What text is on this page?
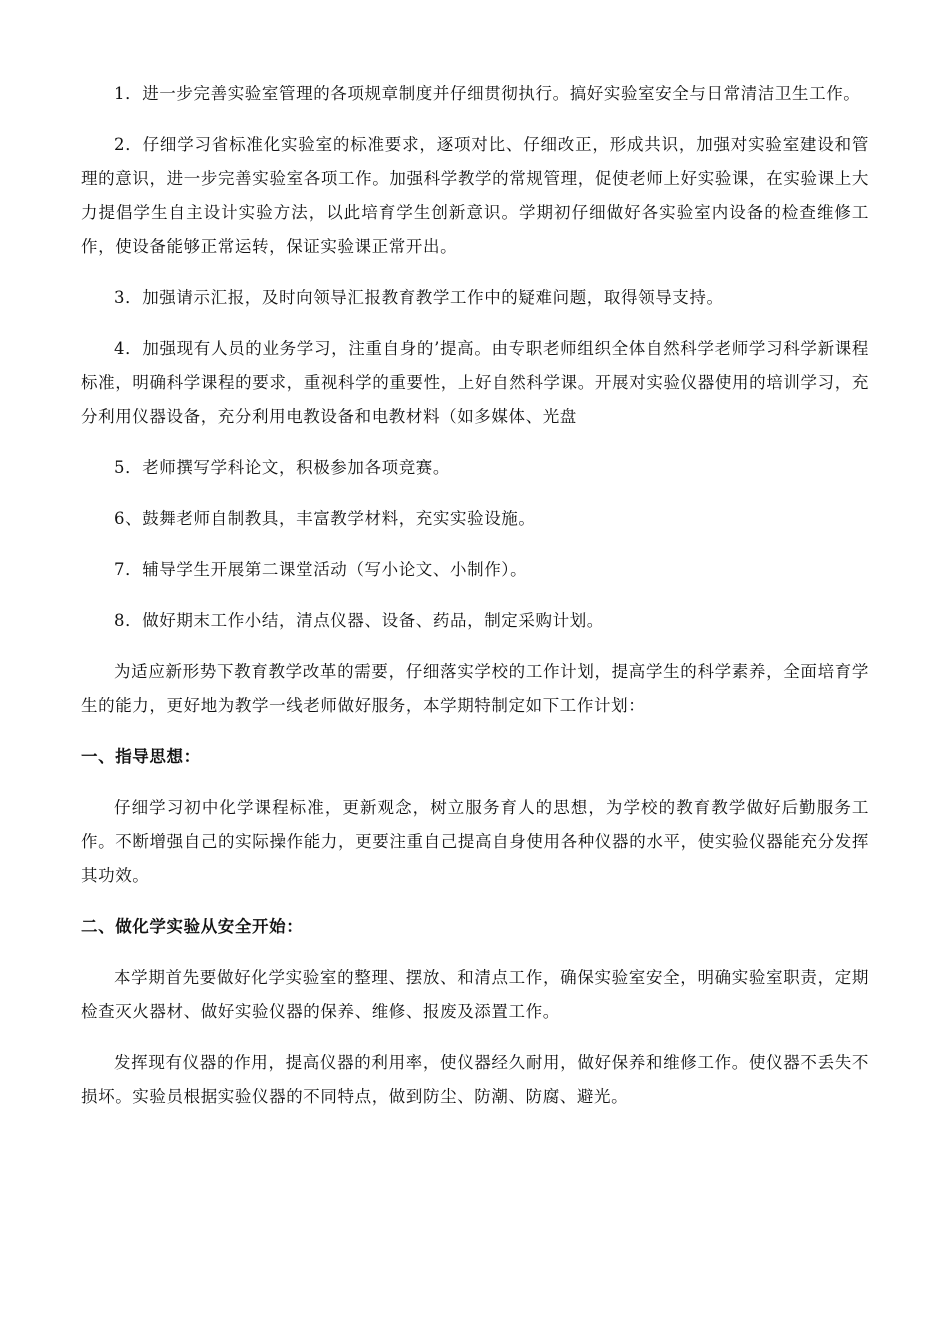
1．进一步完善实验室管理的各项规章制度并仔细贯彻执行。搞好实验室安全与日常清洁卫生工作。

2．仔细学习省标准化实验室的标准要求，逐项对比、仔细改正，形成共识，加强对实验室建设和管理的意识，进一步完善实验室各项工作。加强科学教学的常规管理，促使老师上好实验课，在实验课上大力提倡学生自主设计实验方法，以此培育学生创新意识。学期初仔细做好各实验室内设备的检查维修工作，使设备能够正常运转，保证实验课正常开出。

3．加强请示汇报，及时向领导汇报教育教学工作中的疑难问题，取得领导支持。

4．加强现有人员的业务学习，注重自身的’提高。由专职老师组织全体自然科学老师学习科学新课程标准，明确科学课程的要求，重视科学的重要性，上好自然科学课。开展对实验仪器使用的培训学习，充分利用仪器设备，充分利用电教设备和电教材料（如多媒体、光盘

5．老师撰写学科论文，积极参加各项竞赛。

6、鼓舞老师自制教具，丰富教学材料，充实实验设施。

7．辅导学生开展第二课堂活动（写小论文、小制作）。

8．做好期末工作小结，清点仪器、设备、药品，制定采购计划。

为适应新形势下教育教学改革的需要，仔细落实学校的工作计划，提高学生的科学素养，全面培育学生的能力，更好地为教学一线老师做好服务，本学期特制定如下工作计划：

一、指导思想：

仔细学习初中化学课程标准，更新观念，树立服务育人的思想，为学校的教育教学做好后勤服务工作。不断增强自己的实际操作能力，更要注重自己提高自身使用各种仪器的水平，使实验仪器能充分发挥其功效。

二、做化学实验从安全开始：

本学期首先要做好化学实验室的整理、摆放、和清点工作，确保实验室安全，明确实验室职责，定期检查灭火器材、做好实验仪器的保养、维修、报废及添置工作。

发挥现有仪器的作用，提高仪器的利用率，使仪器经久耐用，做好保养和维修工作。使仪器不丢失不损坏。实验员根据实验仪器的不同特点，做到防尘、防潮、防腐、避光。
